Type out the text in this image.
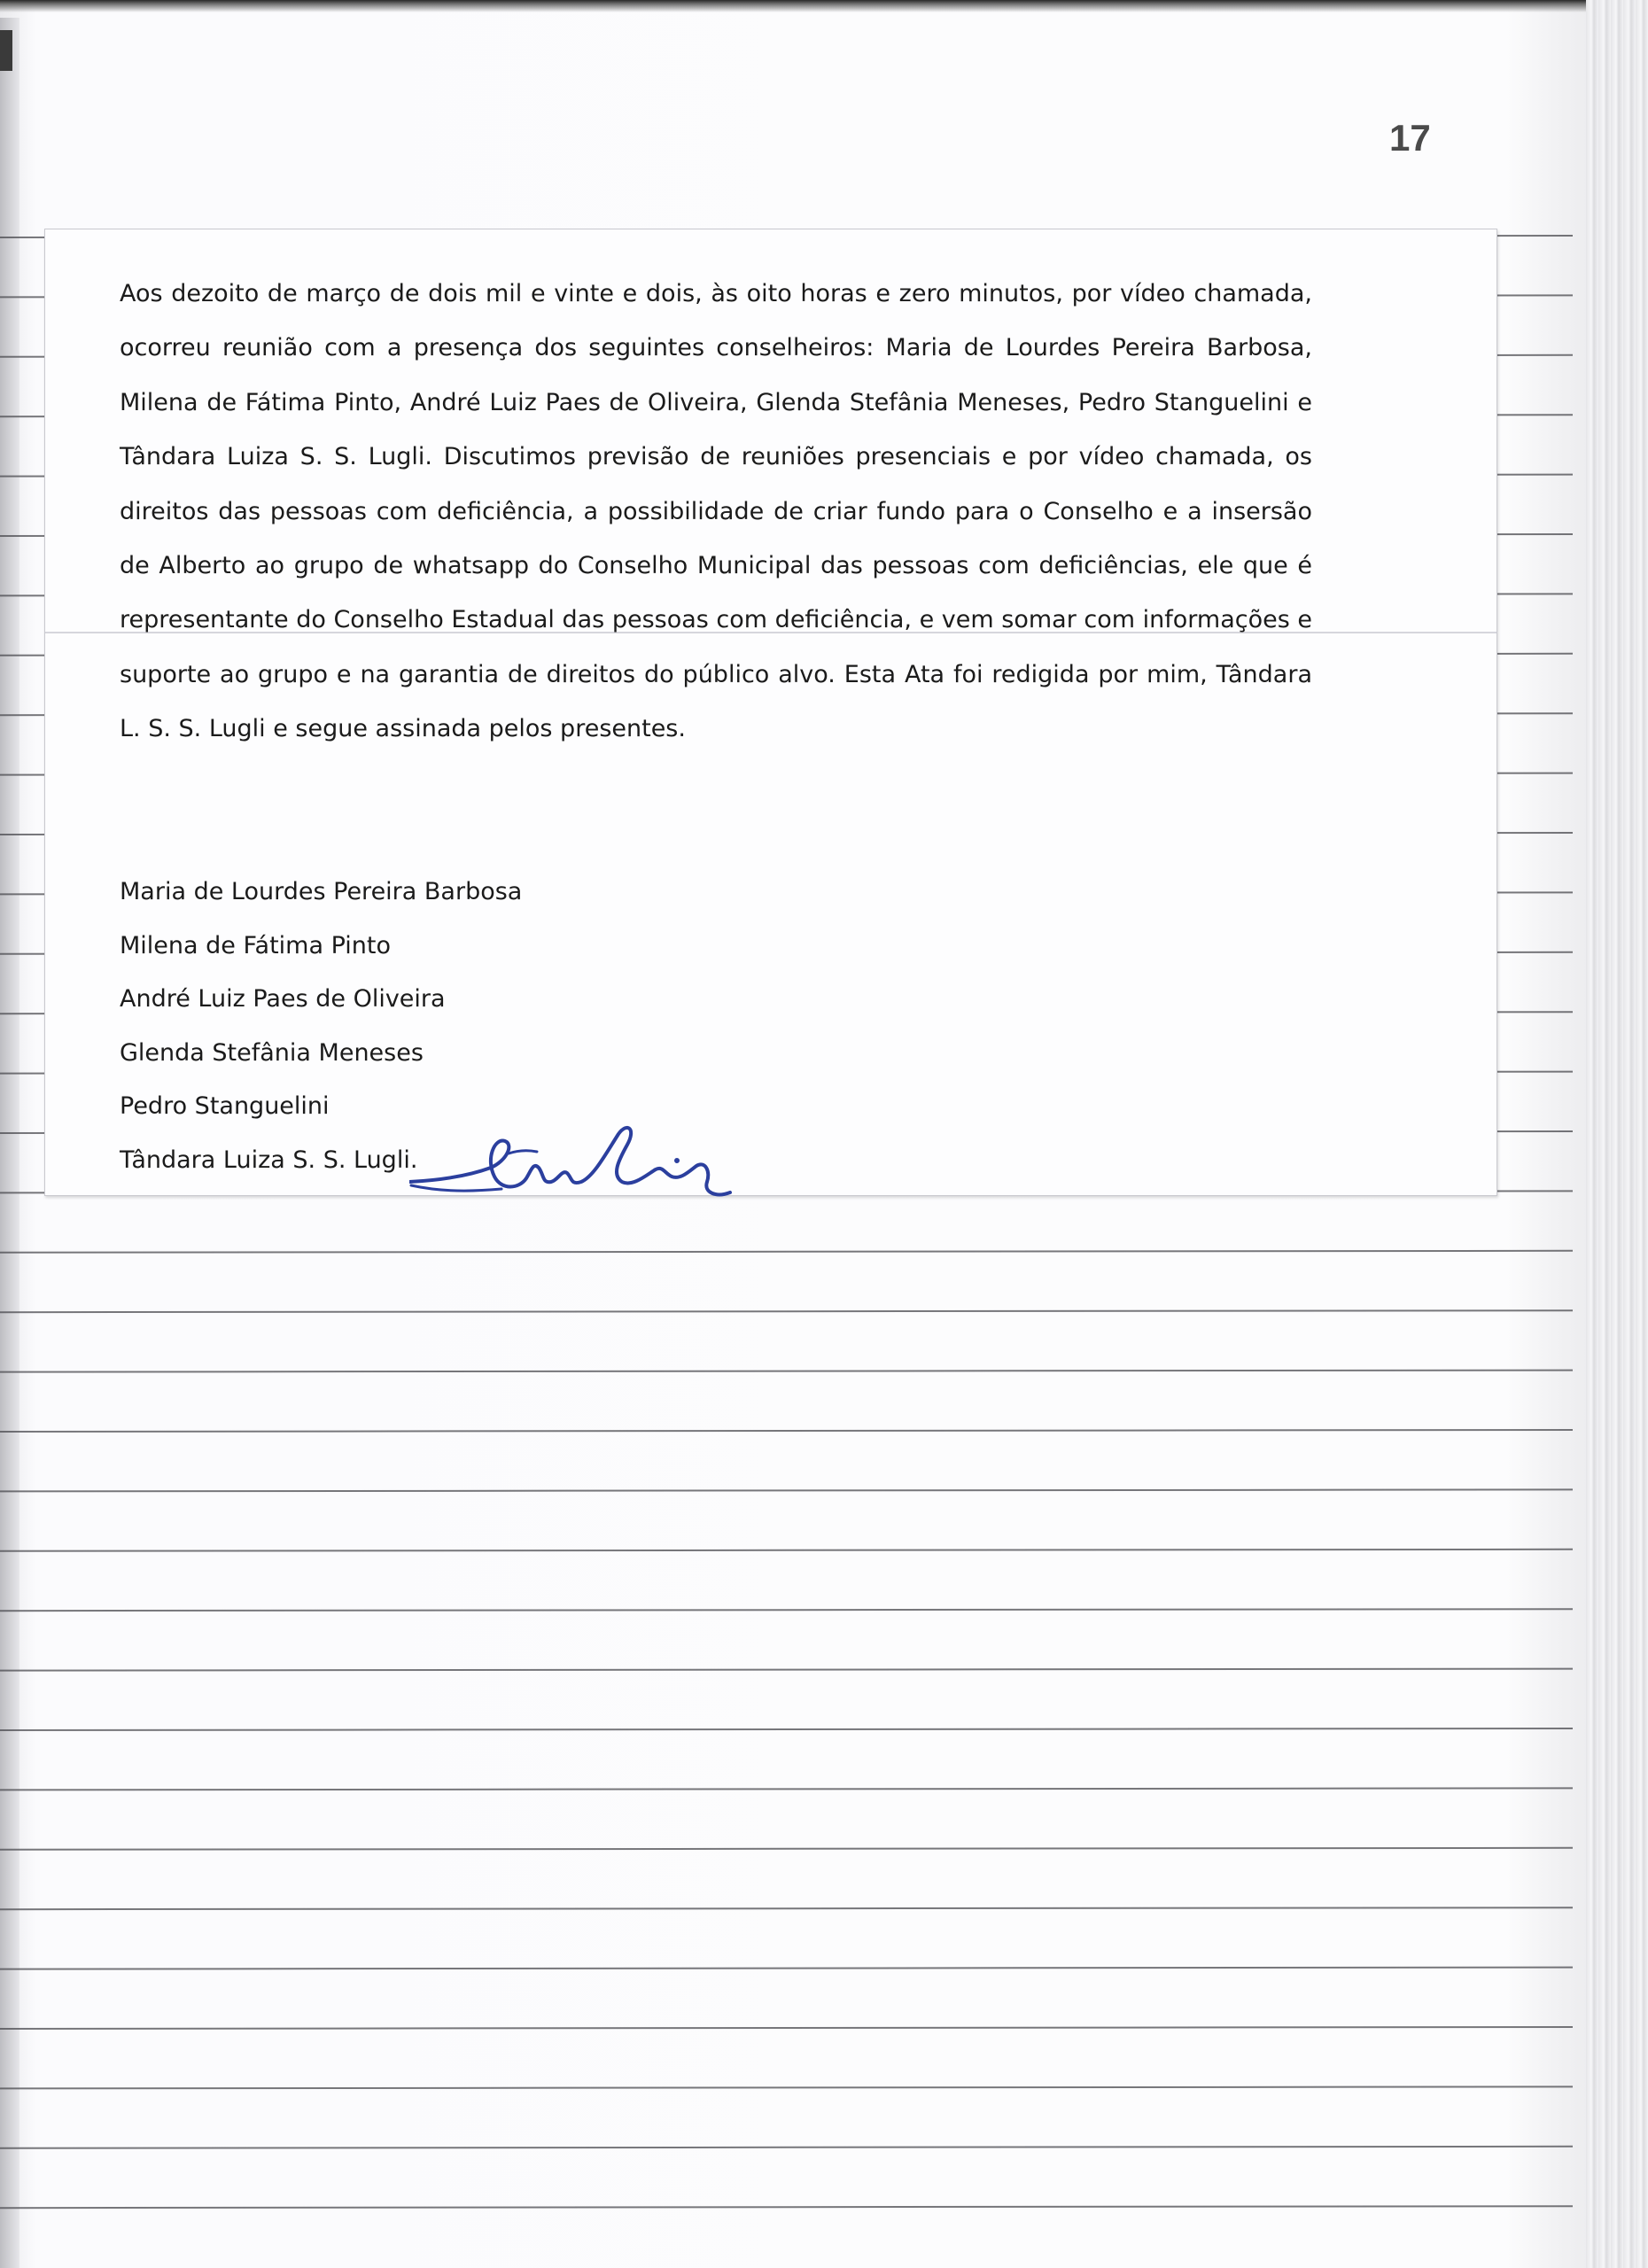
17

Aos dezoito de março de dois mil e vinte e dois, às oito horas e zero minutos, por vídeo chamada, ocorreu reunião com a presença dos seguintes conselheiros: Maria de Lourdes Pereira Barbosa, Milena de Fátima Pinto, André Luiz Paes de Oliveira, Glenda Stefânia Meneses, Pedro Stanguelini e Tândara Luiza S. S. Lugli. Discutimos previsão de reuniões presenciais e por vídeo chamada, os direitos das pessoas com deficiência, a possibilidade de criar fundo para o Conselho e a insersão de Alberto ao grupo de whatsapp do Conselho Municipal das pessoas com deficiências, ele que é representante do Conselho Estadual das pessoas com deficiência, e vem somar com informações e suporte ao grupo e na garantia de direitos do público alvo. Esta Ata foi redigida por mim, Tândara L. S. S. Lugli e segue assinada pelos presentes.

Maria de Lourdes Pereira Barbosa
Milena de Fátima Pinto
André Luiz Paes de Oliveira
Glenda Stefânia Meneses
Pedro Stanguelini
Tândara Luiza S. S. Lugli.
